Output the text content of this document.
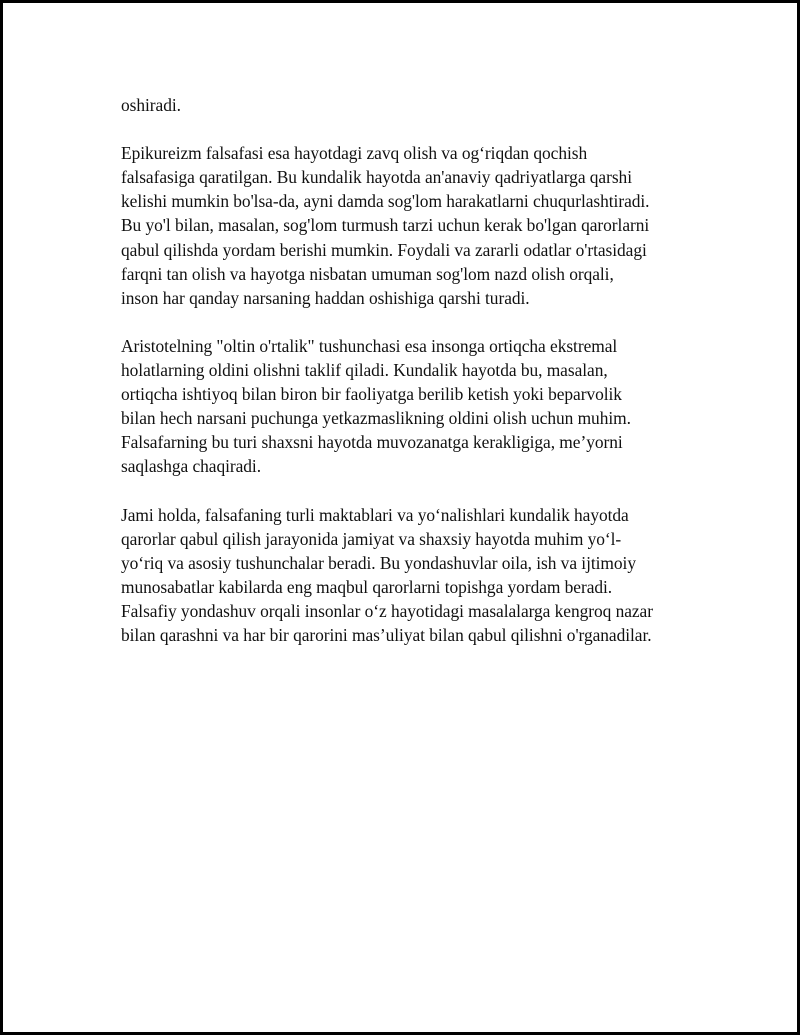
oshiradi.
Epikureizm falsafasi esa hayotdagi zavq olish va og‘riqdan qochish
falsafasiga qaratilgan. Bu kundalik hayotda an'anaviy qadriyatlarga qarshi
kelishi mumkin bo'lsa-da, ayni damda sog'lom harakatlarni chuqurlashtiradi.
Bu yo'l bilan, masalan, sog'lom turmush tarzi uchun kerak bo'lgan qarorlarni
qabul qilishda yordam berishi mumkin. Foydali va zararli odatlar o'rtasidagi
farqni tan olish va hayotga nisbatan umuman sog'lom nazd olish orqali,
inson har qanday narsaning haddan oshishiga qarshi turadi.
Aristotelning "oltin o'rtalik" tushunchasi esa insonga ortiqcha ekstremal
holatlarning oldini olishni taklif qiladi. Kundalik hayotda bu, masalan,
ortiqcha ishtiyoq bilan biron bir faoliyatga berilib ketish yoki beparvolik
bilan hech narsani puchunga yetkazmaslikning oldini olish uchun muhim.
Falsafarning bu turi shaxsni hayotda muvozanatga kerakligiga, me’yorni
saqlashga chaqiradi.
Jami holda, falsafaning turli maktablari va yo‘nalishlari kundalik hayotda
qarorlar qabul qilish jarayonida jamiyat va shaxsiy hayotda muhim yo‘l-
yo‘riq va asosiy tushunchalar beradi. Bu yondashuvlar oila, ish va ijtimoiy
munosabatlar kabilarda eng maqbul qarorlarni topishga yordam beradi.
Falsafiy yondashuv orqali insonlar o‘z hayotidagi masalalarga kengroq nazar
bilan qarashni va har bir qarorini mas’uliyat bilan qabul qilishni o'rganadilar.
